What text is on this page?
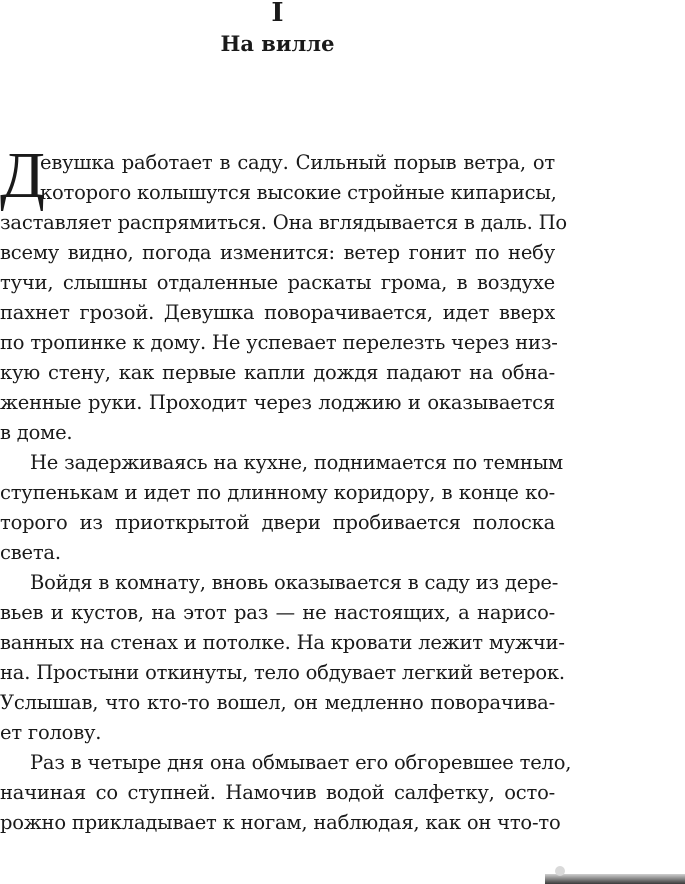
I
На вилле
Д
евушка работает в саду. Сильный порыв ветра, от
которого колышутся высокие стройные кипарисы,
заставляет распрямиться. Она вглядывается в даль. По
всему видно, погода изменится: ветер гонит по небу
тучи, слышны отдаленные раскаты грома, в воздухе
пахнет грозой. Девушка поворачивается, идет вверх
по тропинке к дому. Не успевает перелезть через низ-
кую стену, как первые капли дождя падают на обна-
женные руки. Проходит через лоджию и оказывается
в доме.
Не задерживаясь на кухне, поднимается по темным
ступенькам и идет по длинному коридору, в конце ко-
торого из приоткрытой двери пробивается полоска
света.
Войдя в комнату, вновь оказывается в саду из дере-
вьев и кустов, на этот раз — не настоящих, а нарисо-
ванных на стенах и потолке. На кровати лежит мужчи-
на. Простыни откинуты, тело обдувает легкий ветерок.
Услышав, что кто-то вошел, он медленно поворачива-
ет голову.
Раз в четыре дня она обмывает его обгоревшее тело,
начиная со ступней. Намочив водой салфетку, осто-
рожно прикладывает к ногам, наблюдая, как он что-то
